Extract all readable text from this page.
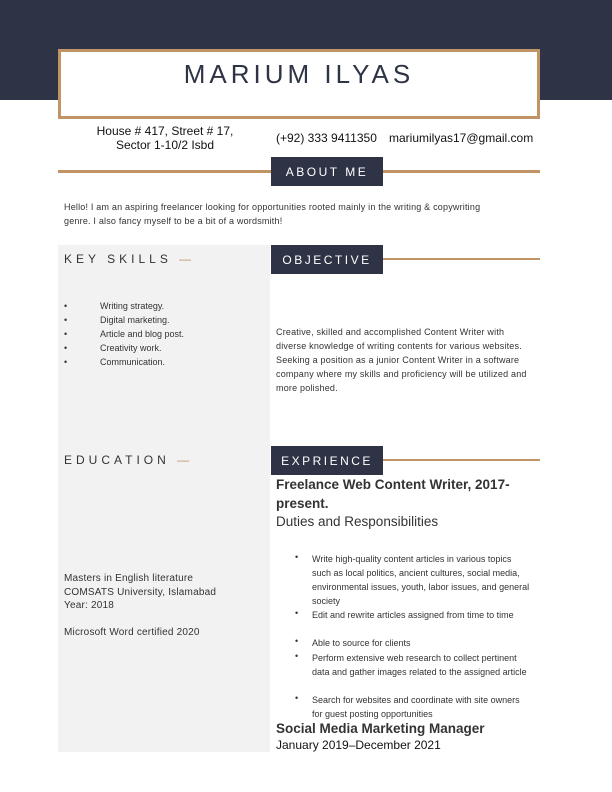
MARIUM ILYAS
House # 417, Street # 17,
Sector 1-10/2 Isbd	(+92) 333 9411350 mariumilyas17@gmail.com
ABOUT ME
Hello! I am an aspiring freelancer looking for opportunities rooted mainly in the writing & copywriting
genre. I also fancy myself to be a bit of a wordsmith!
KEY SKILLS —
•	Writing strategy.
•	Digital marketing.
•	Article and blog post.
•	Creativity work.
•	Communication.
OBJECTIVE
Creative, skilled and accomplished Content Writer with diverse knowledge of writing contents for various websites. Seeking a position as a junior Content Writer in a software company where my skills and proficiency will be utilized and more polished.
EDUCATION —
Masters in English literature
COMSATS University, Islamabad
Year: 2018
Microsoft Word certified 2020
EXPRIENCE
Freelance Web Content Writer, 2017-present.
Duties and Responsibilities
• Write high-quality content articles in various topics such as local politics, ancient cultures, social media, environmental issues, youth, labor issues, and general society
• Edit and rewrite articles assigned from time to time
• Able to source for clients
• Perform extensive web research to collect pertinent data and gather images related to the assigned article
• Search for websites and coordinate with site owners for guest posting opportunities
Social Media Marketing Manager
January 2019–December 2021
